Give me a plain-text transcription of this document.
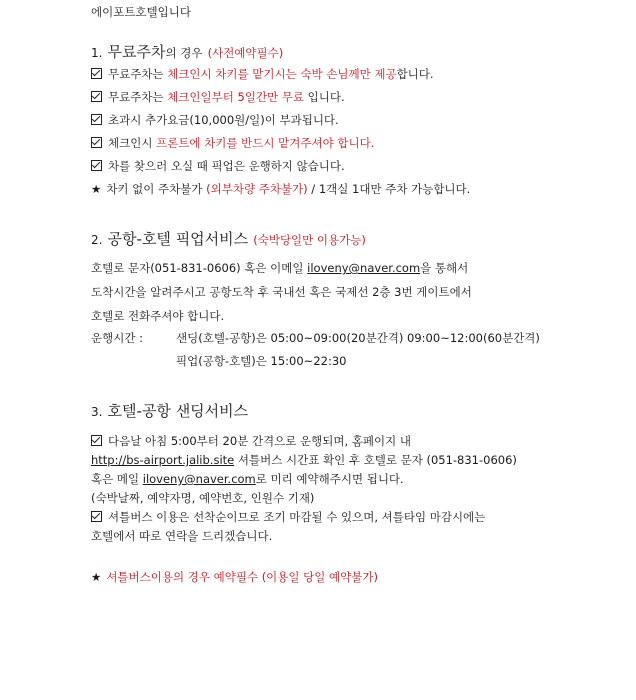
에이포트호텔입니다
1. 무료주차의 경우 (사전예약필수)
무료주차는 체크인시 차키를 맡기시는 숙박 손님께만 제공합니다.
무료주차는 체크인일부터 5일간만 무료 입니다.
초과시 추가요금(10,000원/일)이 부과됩니다.
체크인시 프론트에 차키를 반드시 맡겨주셔야 합니다.
차를 찾으러 오실 때 픽업은 운행하지 않습니다.
★ 차키 없이 주차불가 (외부차량 주차불가) / 1객실 1대만 주차 가능합니다.
2. 공항-호텔 픽업서비스 (숙박당일만 이용가능)
호텔로 문자(051-831-0606) 혹은 이메일 iloveny@naver.com을 통해서
도착시간을 알려주시고 공항도착 후 국내선 혹은 국제선 2층 3번 게이트에서
호텔로 전화주셔야 합니다.
운행시간 :	샌딩(호텔-공항)은 05:00~09:00(20분간격) 09:00~12:00(60분간격)
픽업(공항-호텔)은 15:00~22:30
3. 호텔-공항 샌딩서비스
다음날 아침 5:00부터 20분 간격으로 운행되며, 홈페이지 내
http://bs-airport.jalib.site 셔틀버스 시간표 확인 후 호텔로 문자 (051-831-0606)
혹은 메일 iloveny@naver.com로 미리 예약해주시면 됩니다.
(숙박날짜, 예약자명, 예약번호, 인원수 기재)
셔틀버스 이용은 선착순이므로 조기 마감될 수 있으며, 셔틀타임 마감시에는
호텔에서 따로 연락을 드리겠습니다.
★ 셔틀버스이용의 경우 예약필수 (이용일 당일 예약불가)
